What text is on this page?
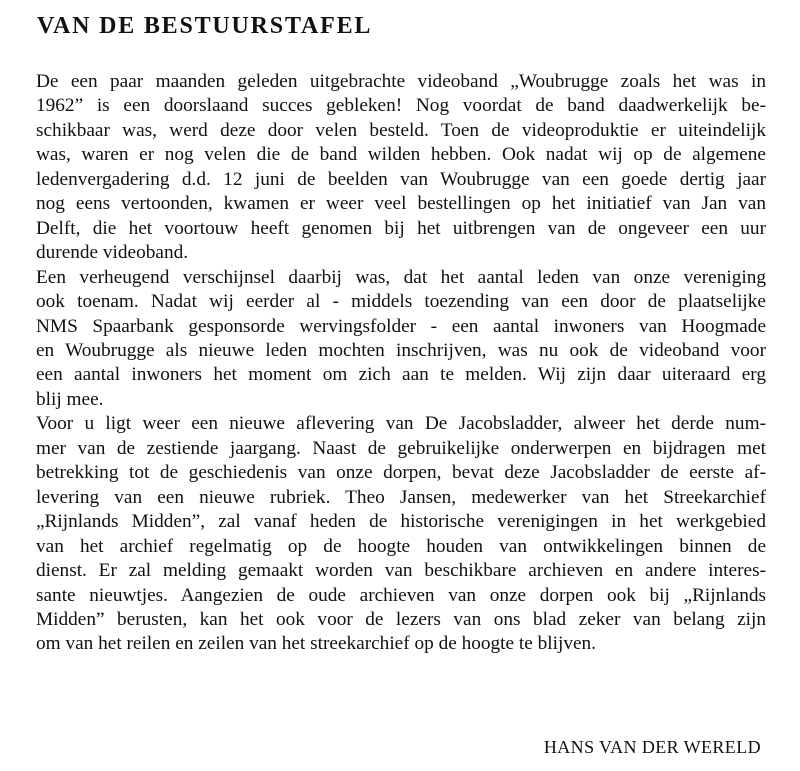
VAN DE BESTUURSTAFEL
De een paar maanden geleden uitgebrachte videoband „Woubrugge zoals het was in
1962” is een doorslaand succes gebleken! Nog voordat de band daadwerkelijk be-
schikbaar was, werd deze door velen besteld. Toen de videoproduktie er uiteindelijk
was, waren er nog velen die de band wilden hebben. Ook nadat wij op de algemene
ledenvergadering d.d. 12 juni de beelden van Woubrugge van een goede dertig jaar
nog eens vertoonden, kwamen er weer veel bestellingen op het initiatief van Jan van
Delft, die het voortouw heeft genomen bij het uitbrengen van de ongeveer een uur
durende videoband.
Een verheugend verschijnsel daarbij was, dat het aantal leden van onze vereniging
ook toenam. Nadat wij eerder al - middels toezending van een door de plaatselijke
NMS Spaarbank gesponsorde wervingsfolder - een aantal inwoners van Hoogmade
en Woubrugge als nieuwe leden mochten inschrijven, was nu ook de videoband voor
een aantal inwoners het moment om zich aan te melden. Wij zijn daar uiteraard erg
blij mee.
Voor u ligt weer een nieuwe aflevering van De Jacobsladder, alweer het derde num-
mer van de zestiende jaargang. Naast de gebruikelijke onderwerpen en bijdragen met
betrekking tot de geschiedenis van onze dorpen, bevat deze Jacobsladder de eerste af-
levering van een nieuwe rubriek. Theo Jansen, medewerker van het Streekarchief
„Rijnlands Midden”, zal vanaf heden de historische verenigingen in het werkgebied
van het archief regelmatig op de hoogte houden van ontwikkelingen binnen de
dienst. Er zal melding gemaakt worden van beschikbare archieven en andere interes-
sante nieuwtjes. Aangezien de oude archieven van onze dorpen ook bij „Rijnlands
Midden” berusten, kan het ook voor de lezers van ons blad zeker van belang zijn
om van het reilen en zeilen van het streekarchief op de hoogte te blijven.
HANS VAN DER WERELD
